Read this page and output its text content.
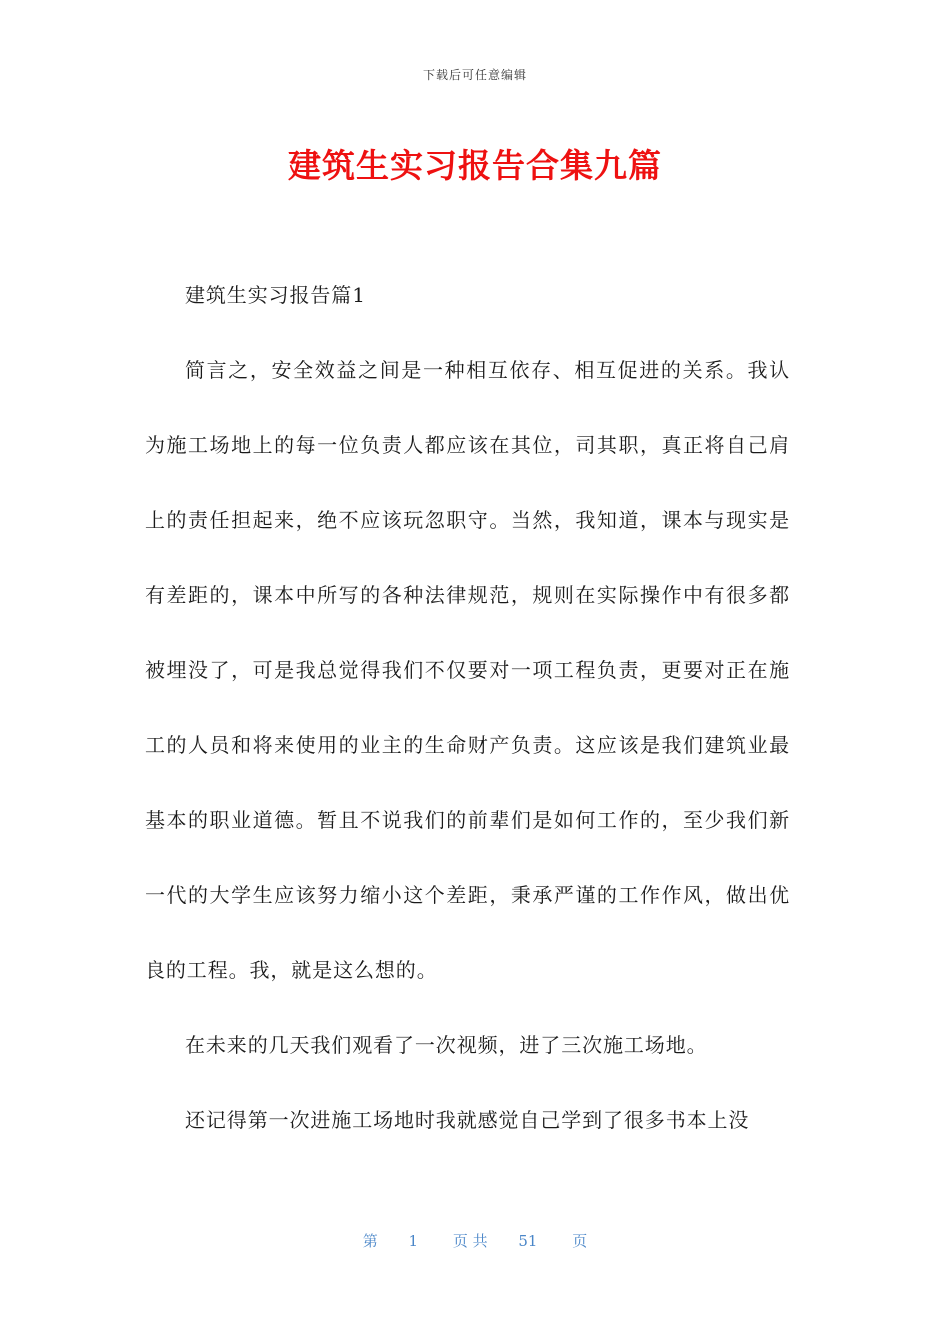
下载后可任意编辑
建筑生实习报告合集九篇

建筑生实习报告篇1

简言之，安全效益之间是一种相互依存、相互促进的关系。我认为施工场地上的每一位负责人都应该在其位，司其职，真正将自己肩上的责任担起来，绝不应该玩忽职守。当然，我知道，课本与现实是有差距的，课本中所写的各种法律规范，规则在实际操作中有很多都被埋没了，可是我总觉得我们不仅要对一项工程负责，更要对正在施工的人员和将来使用的业主的生命财产负责。这应该是我们建筑业最基本的职业道德。暂且不说我们的前辈们是如何工作的，至少我们新一代的大学生应该努力缩小这个差距，秉承严谨的工作作风，做出优良的工程。我，就是这么想的。

在未来的几天我们观看了一次视频，进了三次施工场地。

还记得第一次进施工场地时我就感觉自己学到了很多书本上没

第 1 页 共 51 页
